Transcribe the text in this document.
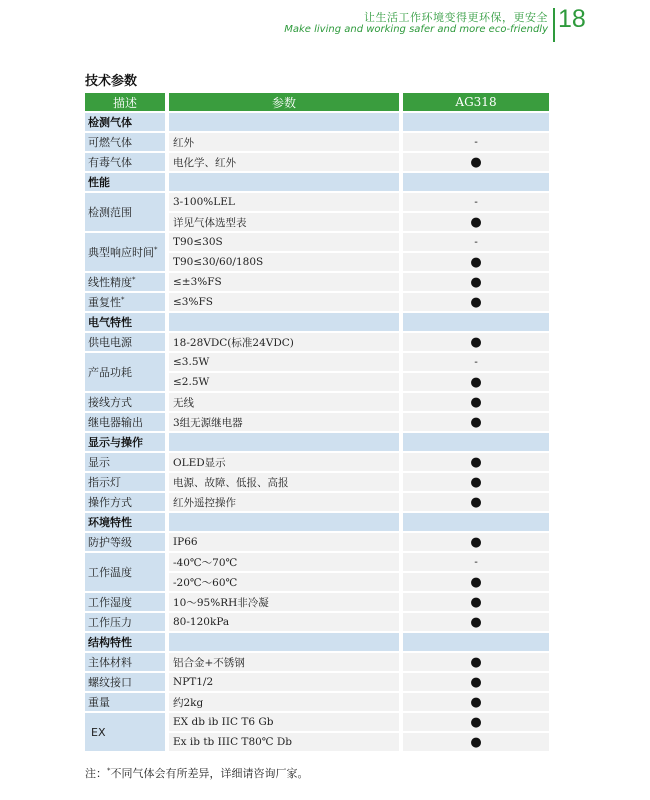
让生活工作环境变得更环保，更安全
Make living and working safer and more eco-friendly 18
技术参数
描述		参数		AG318
检测气体				
可燃气体		红外		-
有毒气体		电化学、红外		●
性能				
检测范围		3-100%LEL		-
		详见气体选型表		●
典型响应时间*		T90≤30S		-
		T90≤30/60/180S		●
线性精度*		≤±3%FS		●
重复性*		≤3%FS		●
电气特性				
供电电源		18-28VDC(标准24VDC)		●
产品功耗		≤3.5W		-
		≤2.5W		●
接线方式		无线		●
继电器输出		3组无源继电器		●
显示与操作				
显示		OLED显示		●
指示灯		电源、故障、低报、高报		●
操作方式		红外遥控操作		●
环境特性				
防护等级		IP66		●
工作温度		-40℃～70℃		-
		-20℃～60℃		●
工作湿度		10～95%RH非冷凝		●
工作压力		80-120kPa		●
结构特性				
主体材料		铝合金+不锈钢		●
螺纹接口		NPT1/2		●
重量		约2kg		●
EX		EX db ib IIC T6 Gb		●
		Ex ib tb IIIC T80℃ Db		●
注：*不同气体会有所差异，详细请咨询厂家。
